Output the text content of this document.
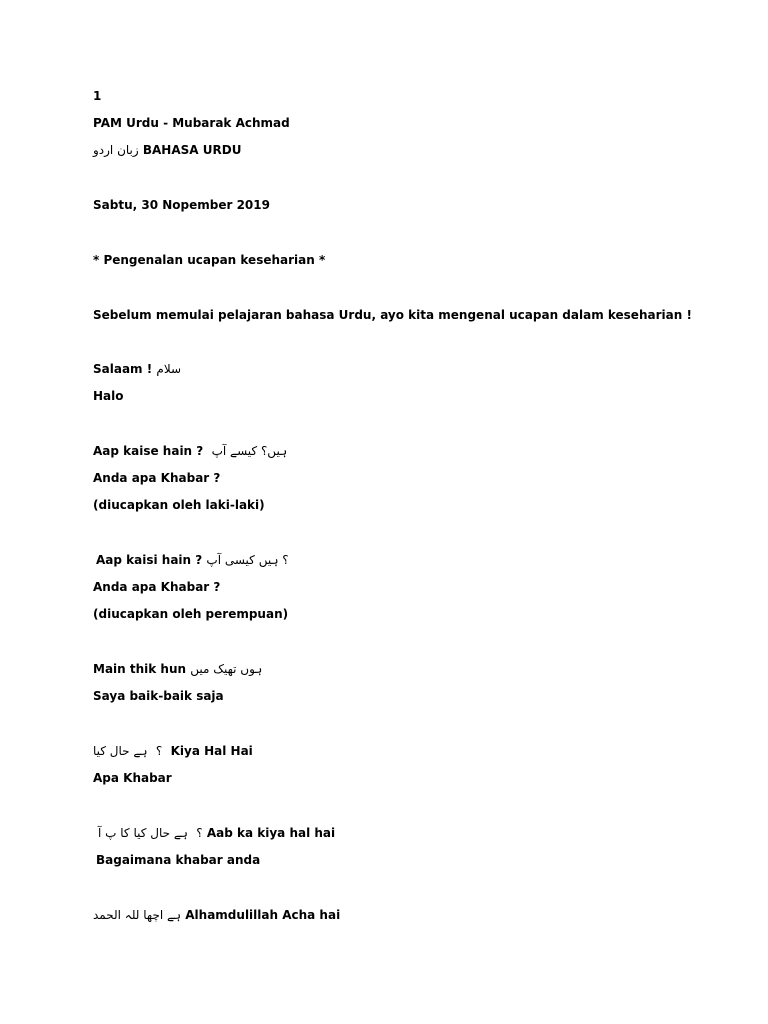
1

PAM Urdu - Mubarak Achmad

زبان اردو BAHASA URDU

Sabtu, 30 Nopember 2019

* Pengenalan ucapan keseharian *

Sebelum memulai pelajaran bahasa Urdu, ayo kita mengenal ucapan dalam keseharian !

Salaam ! سلام

Halo

Aap kaise hain ? ہیں؟ کیسے آپ

Anda apa Khabar ?

(diucapkan oleh laki-laki)

Aap kaisi hain ? ؟ ہیں کیسی آپ

Anda apa Khabar ?

(diucapkan oleh perempuan)

Main thik hun ہوں تھیک میں

Saya baik-baik saja

ہے حال کیا ؟ Kiya Hal Hai

Apa Khabar

ہے حال کیا کا پ آ ؟ Aab ka kiya hal hai

Bagaimana khabar anda

ہے اچھا للہ الحمد Alhamdulillah Acha hai
